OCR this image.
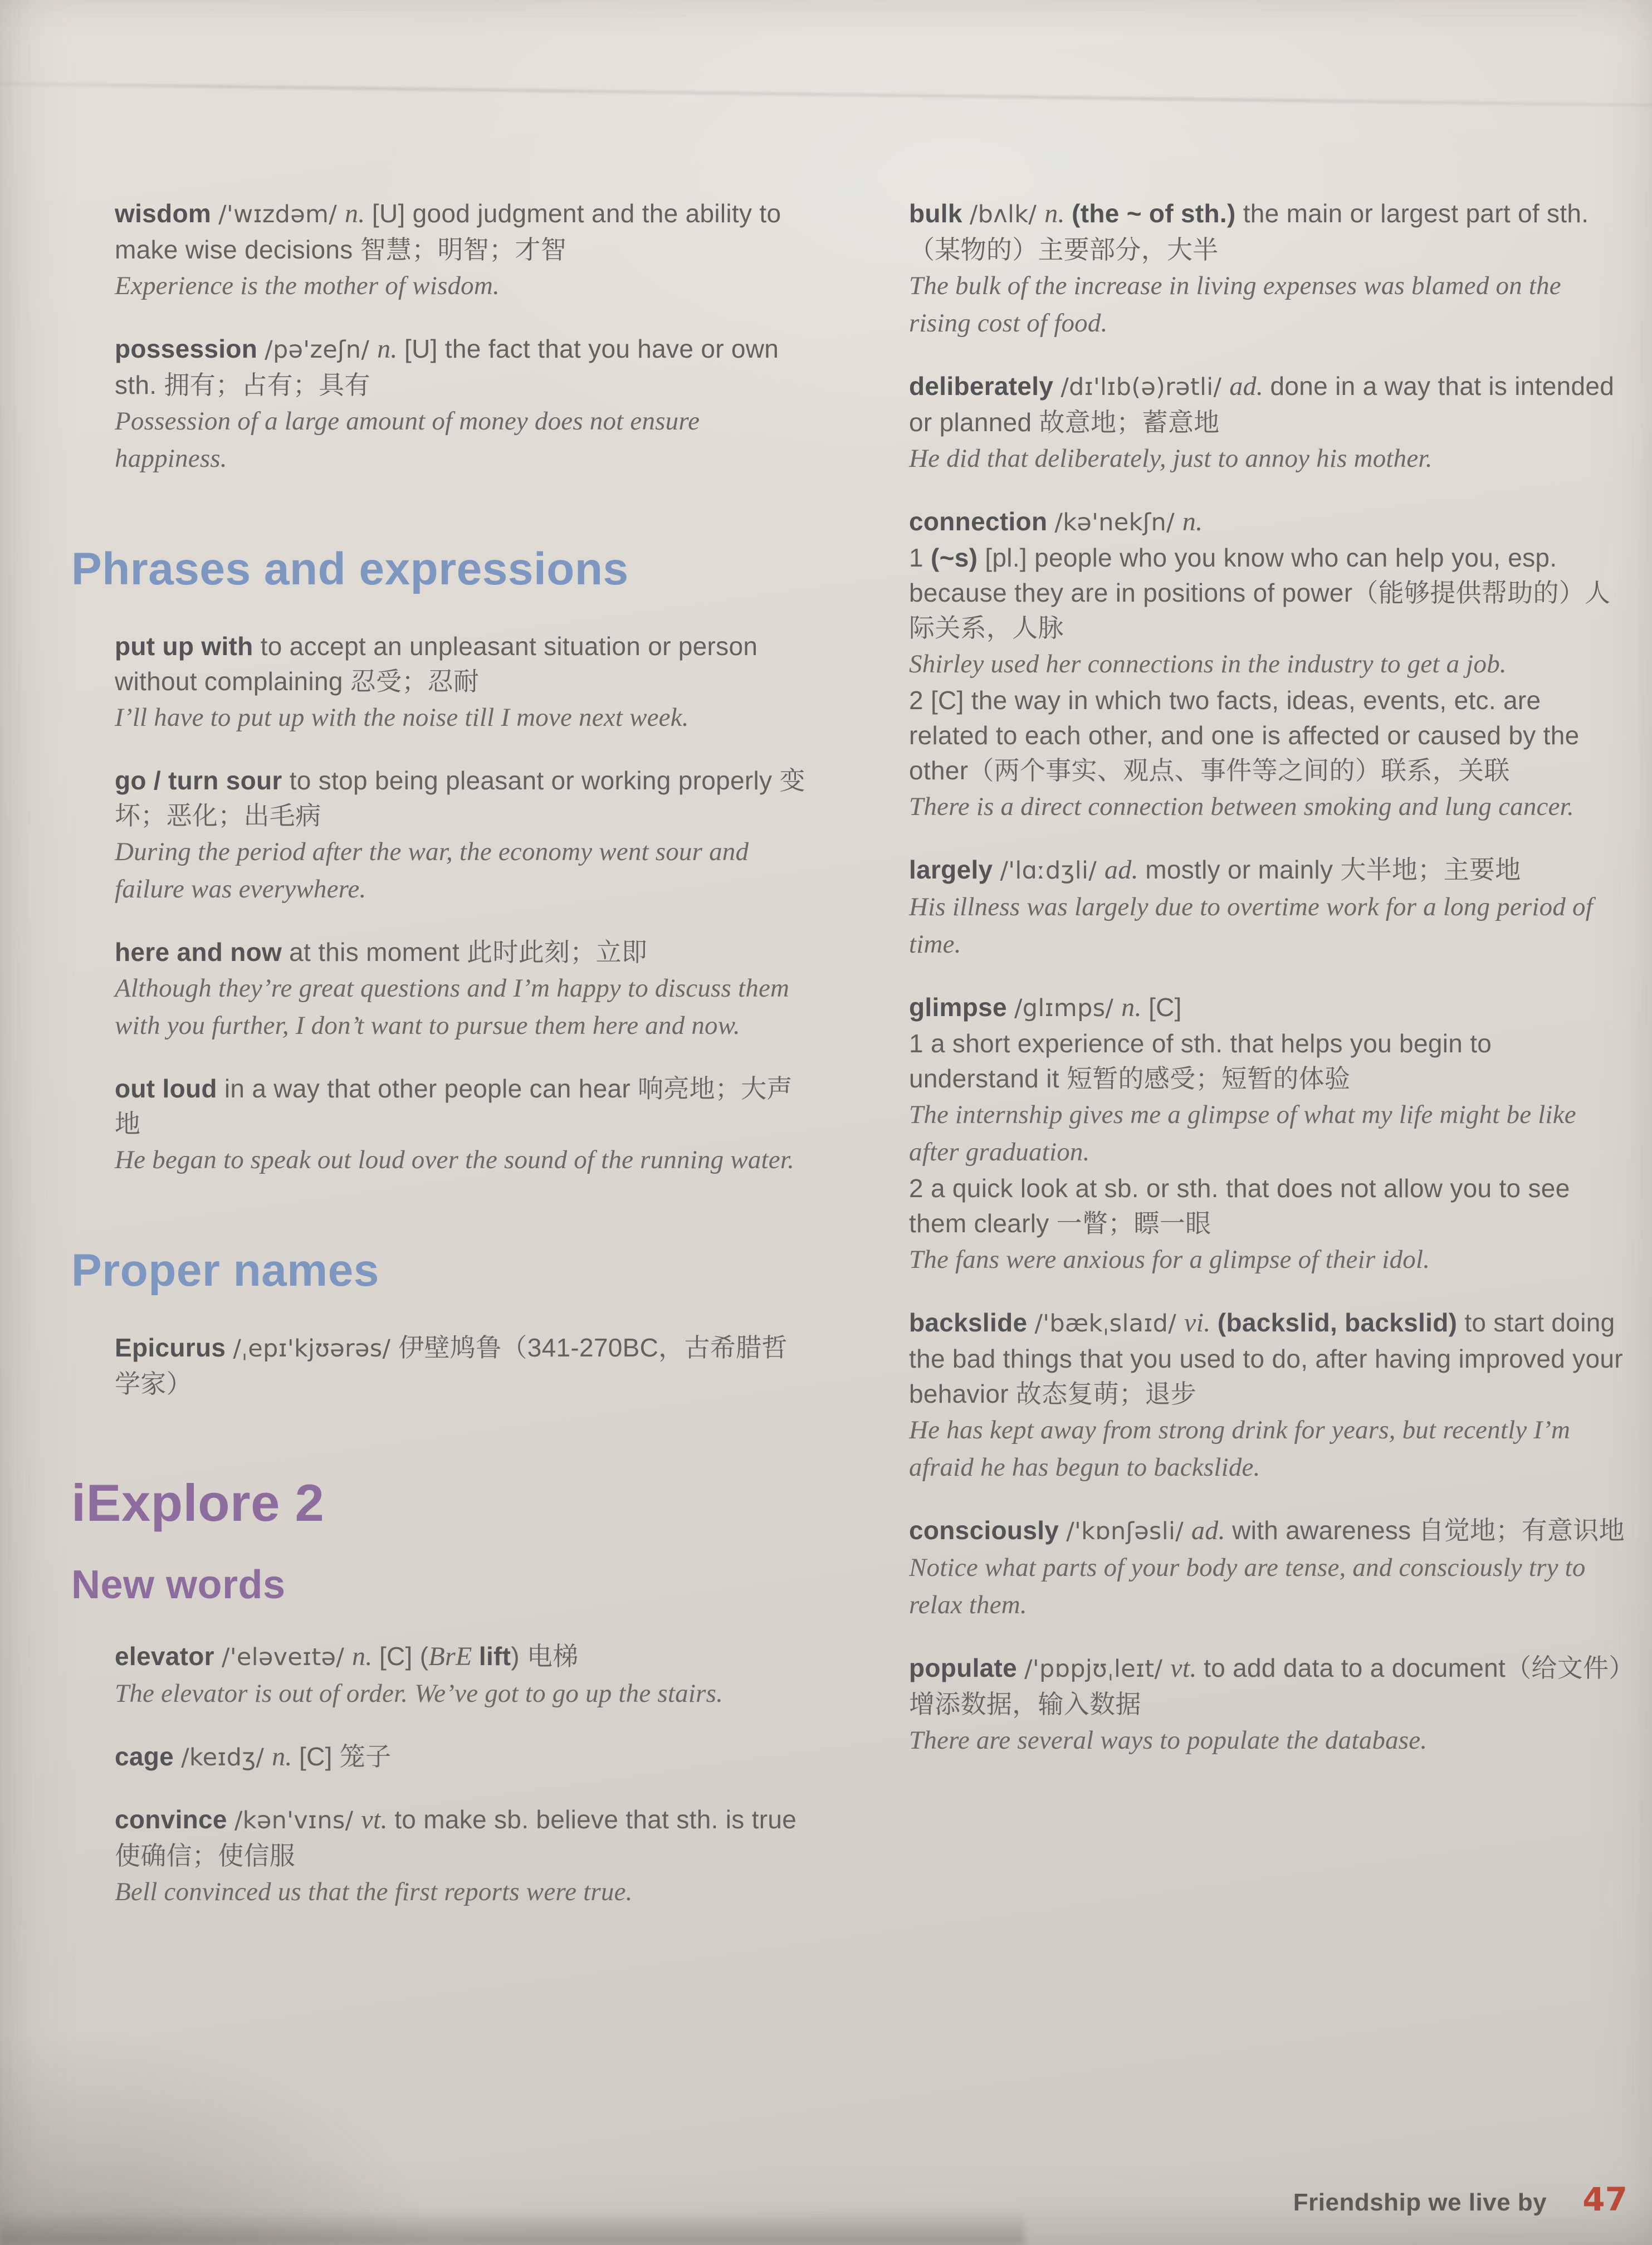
wisdom /'wɪzdəm/ n. [U] good judgment and the ability to make wise decisions 智慧；明智；才智

Experience is the mother of wisdom.

possession /pə'zeʃn/ n. [U] the fact that you have or own sth. 拥有；占有；具有

Possession of a large amount of money does not ensure happiness.

Phrases and expressions

put up with to accept an unpleasant situation or person without complaining 忍受；忍耐

I’ll have to put up with the noise till I move next week.

go / turn sour to stop being pleasant or working properly 变坏；恶化；出毛病

During the period after the war, the economy went sour and failure was everywhere.

here and now at this moment 此时此刻；立即

Although they’re great questions and I’m happy to discuss them with you further, I don’t want to pursue them here and now.

out loud in a way that other people can hear 响亮地；大声地

He began to speak out loud over the sound of the running water.

Proper names

Epicurus /ˌepɪ'kjʊərəs/ 伊壁鸠鲁（341-270BC，古希腊哲学家）

iExplore 2
New words

elevator /'eləveɪtə/ n. [C] (BrE lift) 电梯

The elevator is out of order. We’ve got to go up the stairs.

cage /keɪdʒ/ n. [C] 笼子

convince /kən'vɪns/ vt. to make sb. believe that sth. is true 使确信；使信服

Bell convinced us that the first reports were true.

bulk /bʌlk/ n. (the ~ of sth.) the main or largest part of sth.（某物的）主要部分，大半

The bulk of the increase in living expenses was blamed on the rising cost of food.

deliberately /dɪ'lɪb(ə)rətli/ ad. done in a way that is intended or planned 故意地；蓄意地

He did that deliberately, just to annoy his mother.

connection /kə'nekʃn/ n.

1 (~s) [pl.] people who you know who can help you, esp. because they are in positions of power（能够提供帮助的）人际关系，人脉

Shirley used her connections in the industry to get a job.

2 [C] the way in which two facts, ideas, events, etc. are related to each other, and one is affected or caused by the other（两个事实、观点、事件等之间的）联系，关联

There is a direct connection between smoking and lung cancer.

largely /'lɑːdʒli/ ad. mostly or mainly 大半地；主要地

His illness was largely due to overtime work for a long period of time.

glimpse /glɪmps/ n. [C]

1 a short experience of sth. that helps you begin to understand it 短暂的感受；短暂的体验

The internship gives me a glimpse of what my life might be like after graduation.

2 a quick look at sb. or sth. that does not allow you to see them clearly 一瞥；瞟一眼

The fans were anxious for a glimpse of their idol.

backslide /'bækˌslaɪd/ vi. (backslid, backslid) to start doing the bad things that you used to do, after having improved your behavior 故态复萌；退步

He has kept away from strong drink for years, but recently I’m afraid he has begun to backslide.

consciously /'kɒnʃəsli/ ad. with awareness 自觉地；有意识地

Notice what parts of your body are tense, and consciously try to relax them.

populate /'pɒpjʊˌleɪt/ vt. to add data to a document（给文件）增添数据，输入数据

There are several ways to populate the database.

Friendship we live by 47
